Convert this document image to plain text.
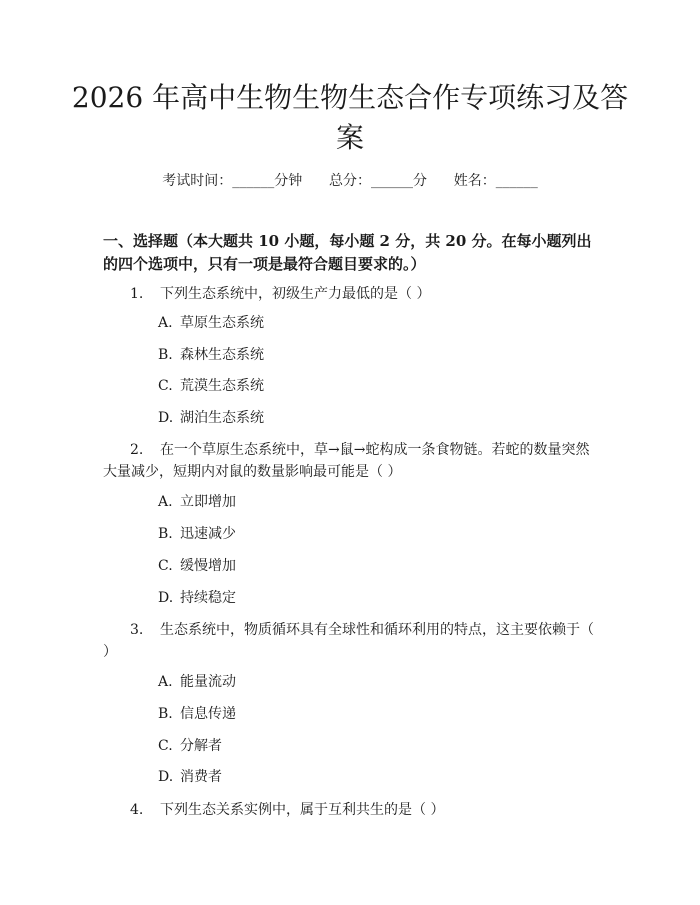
2026 年高中生物生物生态合作专项练习及答案
考试时间：______分钟      总分：______分      姓名：______
一、选择题（本大题共 10 小题，每小题 2 分，共 20 分。在每小题列出的四个选项中，只有一项是最符合题目要求的。）
1. 下列生态系统中，初级生产力最低的是（ ）
A. 草原生态系统
B. 森林生态系统
C. 荒漠生态系统
D. 湖泊生态系统
2. 在一个草原生态系统中，草→鼠→蛇构成一条食物链。若蛇的数量突然大量减少，短期内对鼠的数量影响最可能是（ ）
A. 立即增加
B. 迅速减少
C. 缓慢增加
D. 持续稳定
3. 生态系统中，物质循环具有全球性和循环利用的特点，这主要依赖于（ ）
A. 能量流动
B. 信息传递
C. 分解者
D. 消费者
4. 下列生态关系实例中，属于互利共生的是（ ）
